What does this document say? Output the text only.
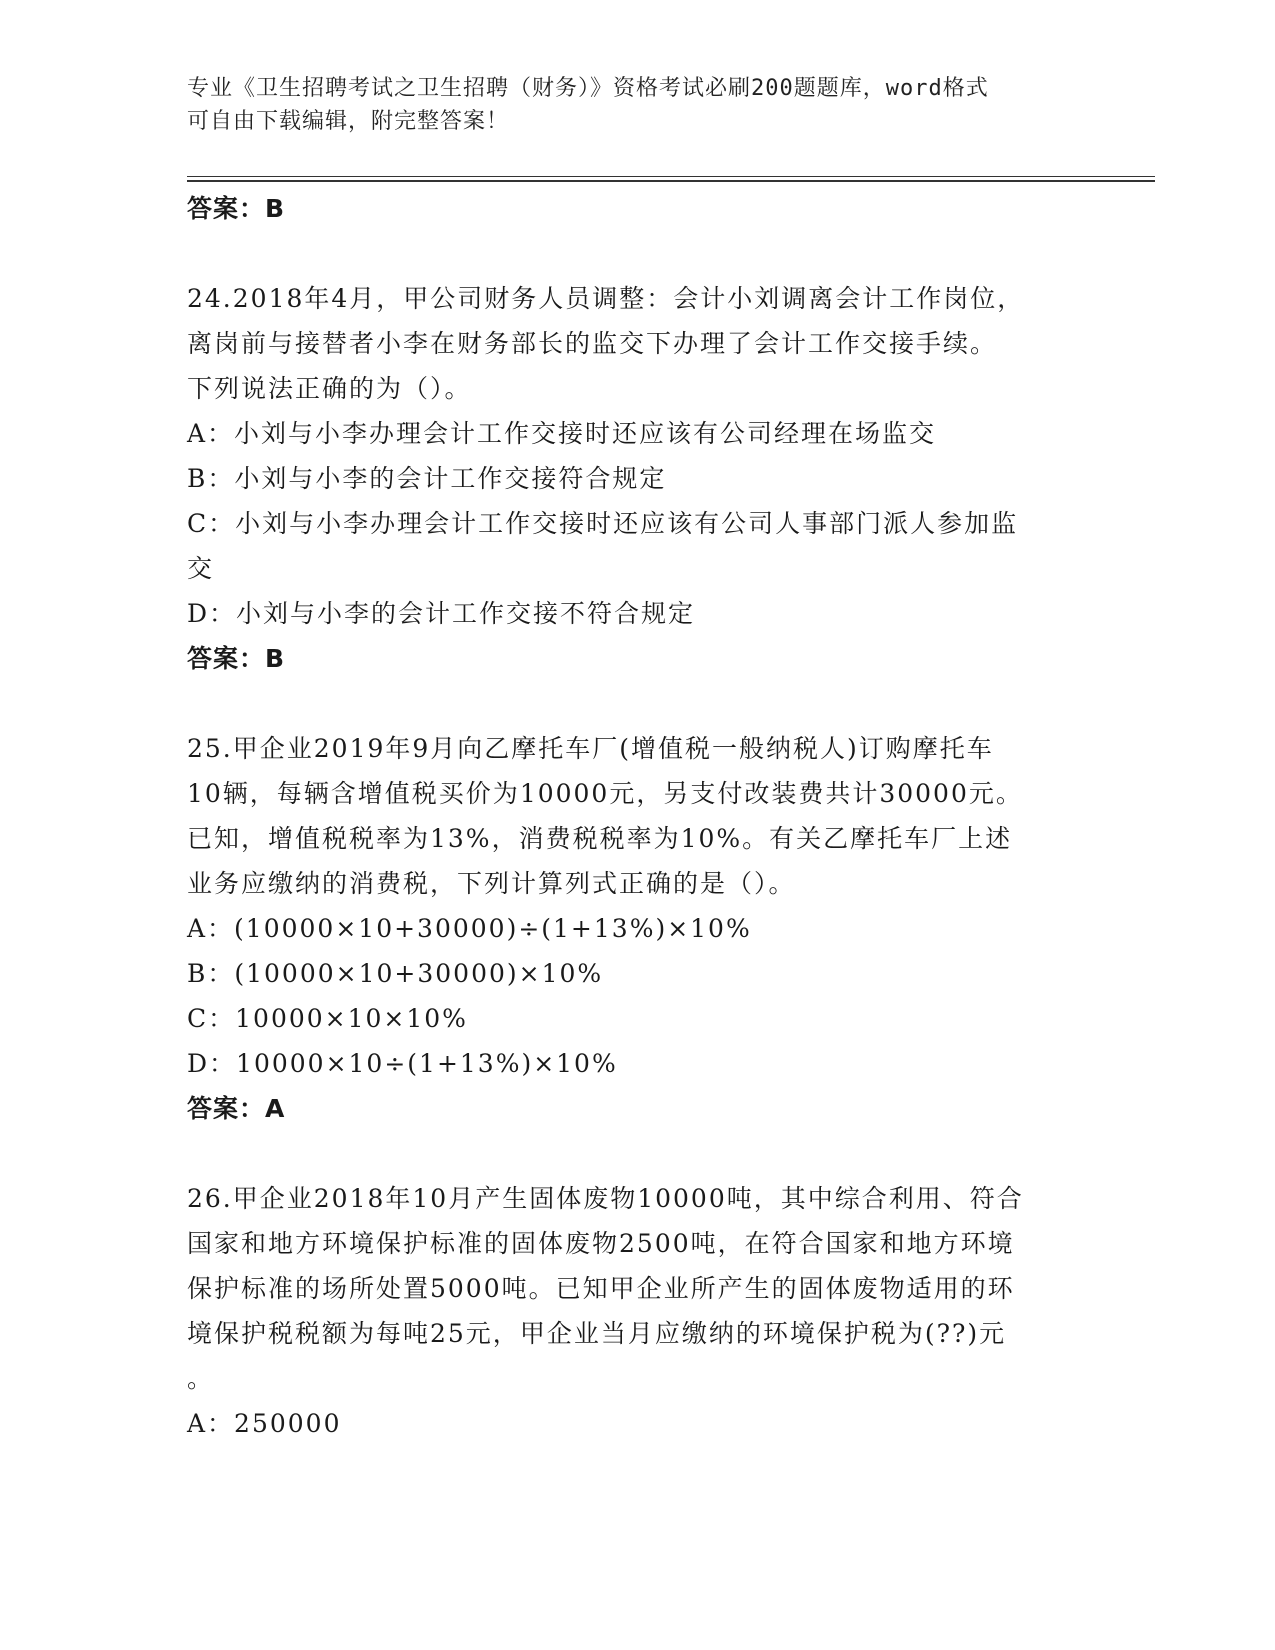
专业《卫生招聘考试之卫生招聘（财务）》资格考试必刷200题题库，word格式
可自由下载编辑，附完整答案！
答案：B
24.2018年4月，甲公司财务人员调整：会计小刘调离会计工作岗位，
离岗前与接替者小李在财务部长的监交下办理了会计工作交接手续。
下列说法正确的为（）。
A：小刘与小李办理会计工作交接时还应该有公司经理在场监交
B：小刘与小李的会计工作交接符合规定
C：小刘与小李办理会计工作交接时还应该有公司人事部门派人参加监
交
D：小刘与小李的会计工作交接不符合规定
答案：B
25.甲企业2019年9月向乙摩托车厂(增值税一般纳税人)订购摩托车
10辆，每辆含增值税买价为10000元，另支付改装费共计30000元。
已知，增值税税率为13%，消费税税率为10%。有关乙摩托车厂上述
业务应缴纳的消费税，下列计算列式正确的是（）。
A：(10000×10+30000)÷(1+13%)×10%
B：(10000×10+30000)×10%
C：10000×10×10%
D：10000×10÷(1+13%)×10%
答案：A
26.甲企业2018年10月产生固体废物10000吨，其中综合利用、符合
国家和地方环境保护标准的固体废物2500吨，在符合国家和地方环境
保护标准的场所处置5000吨。已知甲企业所产生的固体废物适用的环
境保护税税额为每吨25元，甲企业当月应缴纳的环境保护税为(??)元
。
A：250000
